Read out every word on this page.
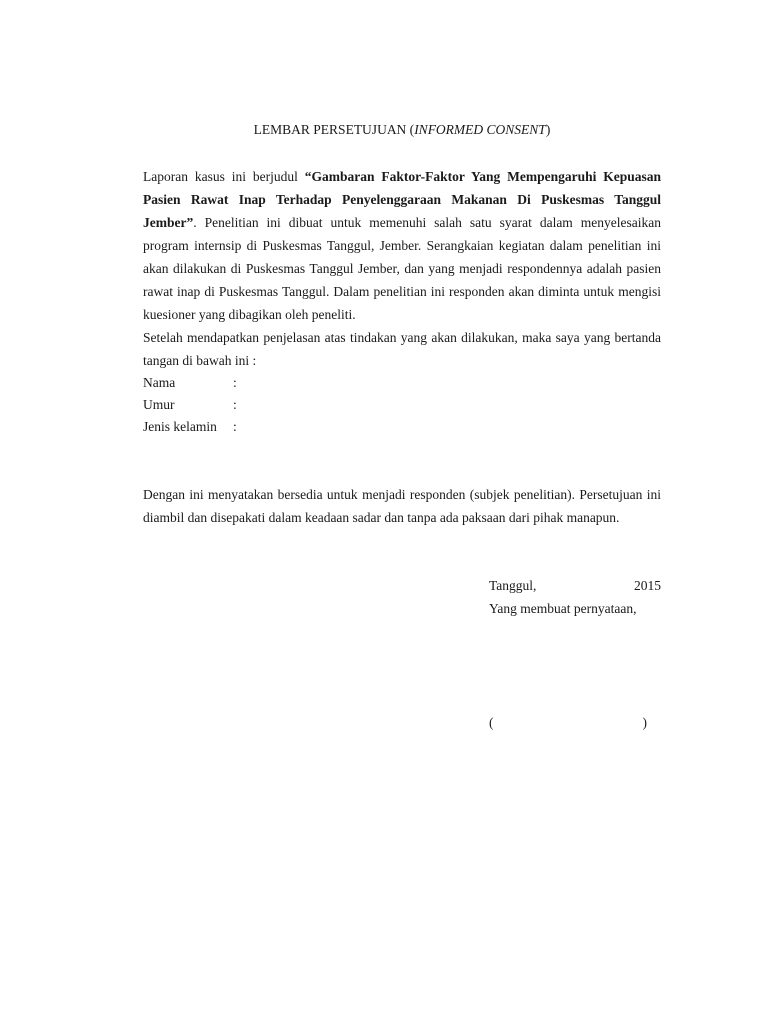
LEMBAR PERSETUJUAN (INFORMED CONSENT)

Laporan kasus ini berjudul “Gambaran Faktor-Faktor Yang Mempengaruhi Kepuasan Pasien Rawat Inap Terhadap Penyelenggaraan Makanan Di Puskesmas Tanggul Jember”. Penelitian ini dibuat untuk memenuhi salah satu syarat dalam menyelesaikan program internsip di Puskesmas Tanggul, Jember. Serangkaian kegiatan dalam penelitian ini akan dilakukan di Puskesmas Tanggul Jember, dan yang menjadi respondennya adalah pasien rawat inap di Puskesmas Tanggul. Dalam penelitian ini responden akan diminta untuk mengisi kuesioner yang dibagikan oleh peneliti.

Setelah mendapatkan penjelasan atas tindakan yang akan dilakukan, maka saya yang bertanda tangan di bawah ini :

Nama	:
Umur	:
Jenis kelamin	:

Dengan ini menyatakan bersedia untuk menjadi responden (subjek penelitian). Persetujuan ini diambil dan disepakati dalam keadaan sadar dan tanpa ada paksaan dari pihak manapun.

Tanggul,	2015
Yang membuat pernyataan,
(	)
